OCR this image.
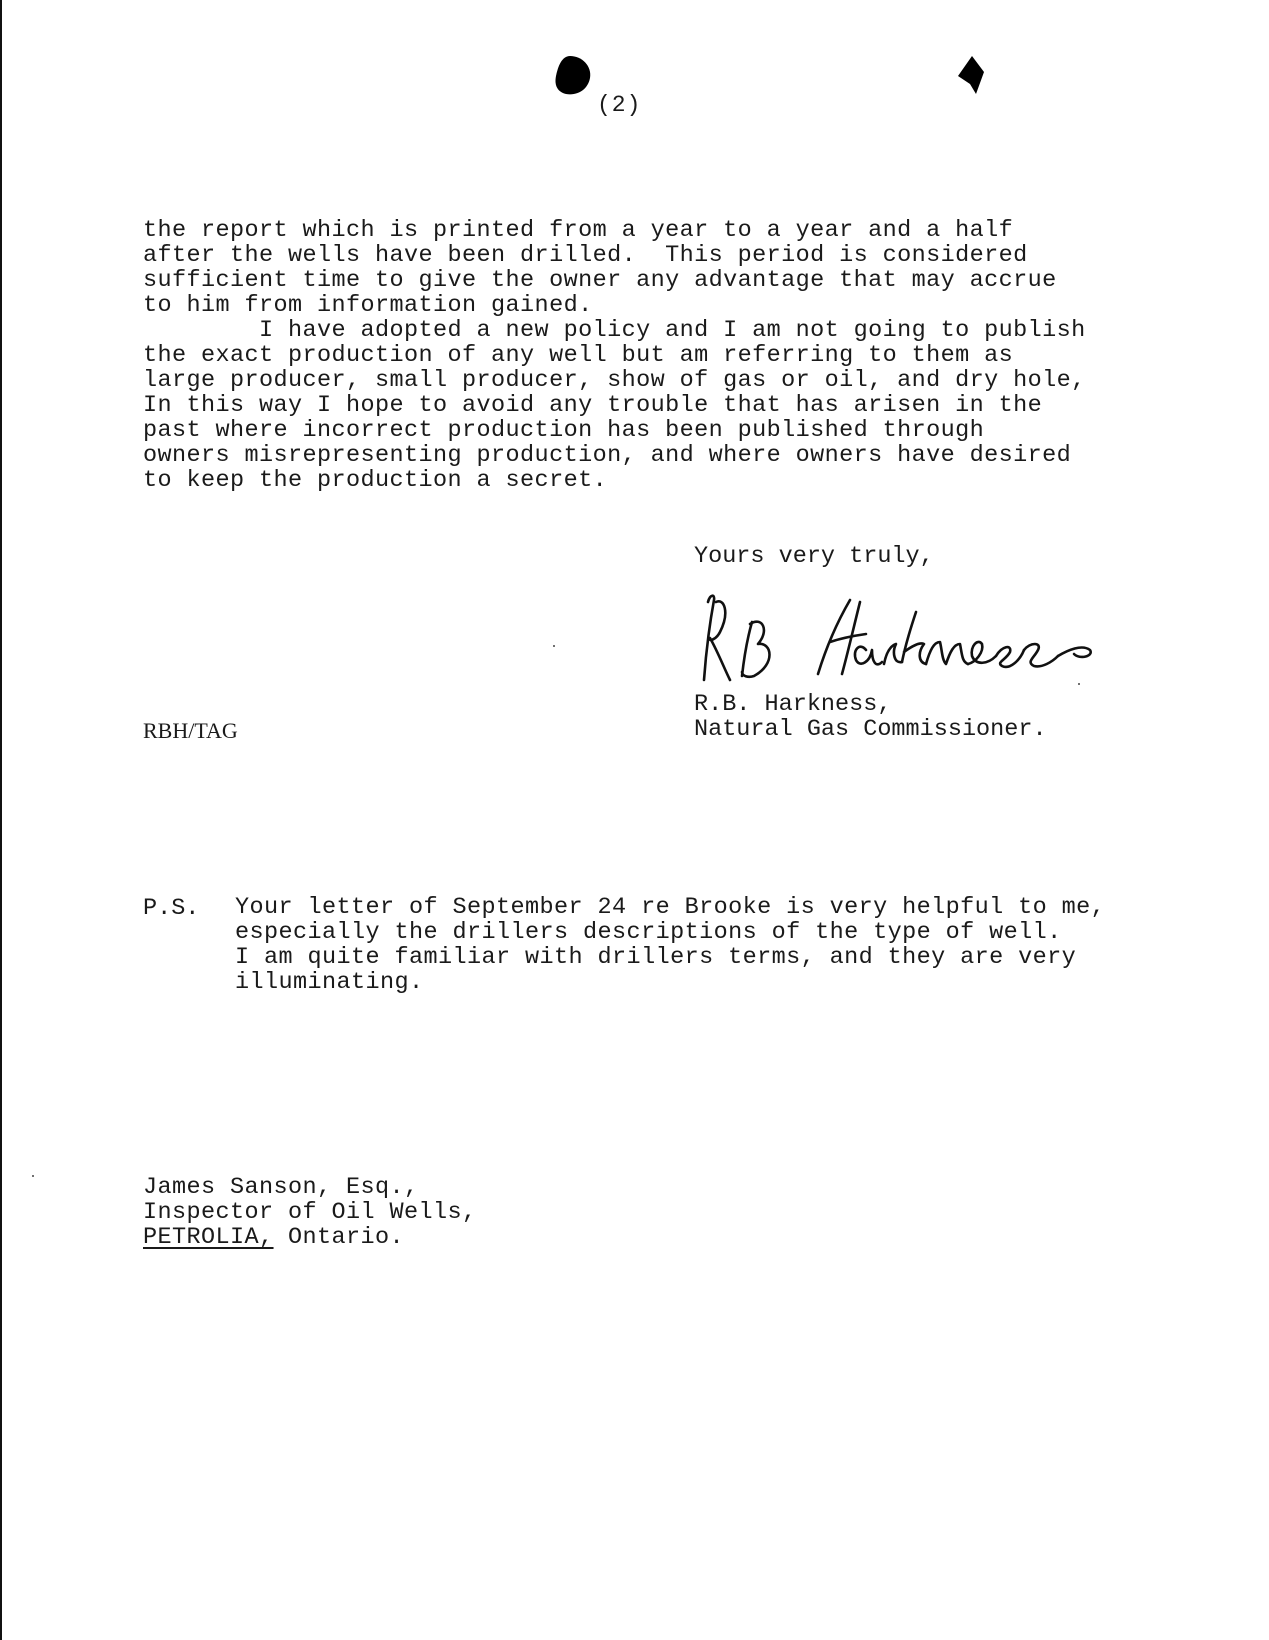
(2)
the report which is printed from a year to a year and a half
after the wells have been drilled.  This period is considered
sufficient time to give the owner any advantage that may accrue
to him from information gained.
I have adopted a new policy and I am not going to publish
the exact production of any well but am referring to them as
large producer, small producer, show of gas or oil, and dry hole,
In this way I hope to avoid any trouble that has arisen in the
past where incorrect production has been published through
owners misrepresenting production, and where owners have desired
to keep the production a secret.
Yours very truly,
R.B. Harkness,
Natural Gas Commissioner.
RBH/TAG
P.S. Your letter of September 24 re Brooke is very helpful to me,
especially the drillers descriptions of the type of well.
I am quite familiar with drillers terms, and they are very
illuminating.
James Sanson, Esq.,
Inspector of Oil Wells,
PETROLIA, Ontario.
